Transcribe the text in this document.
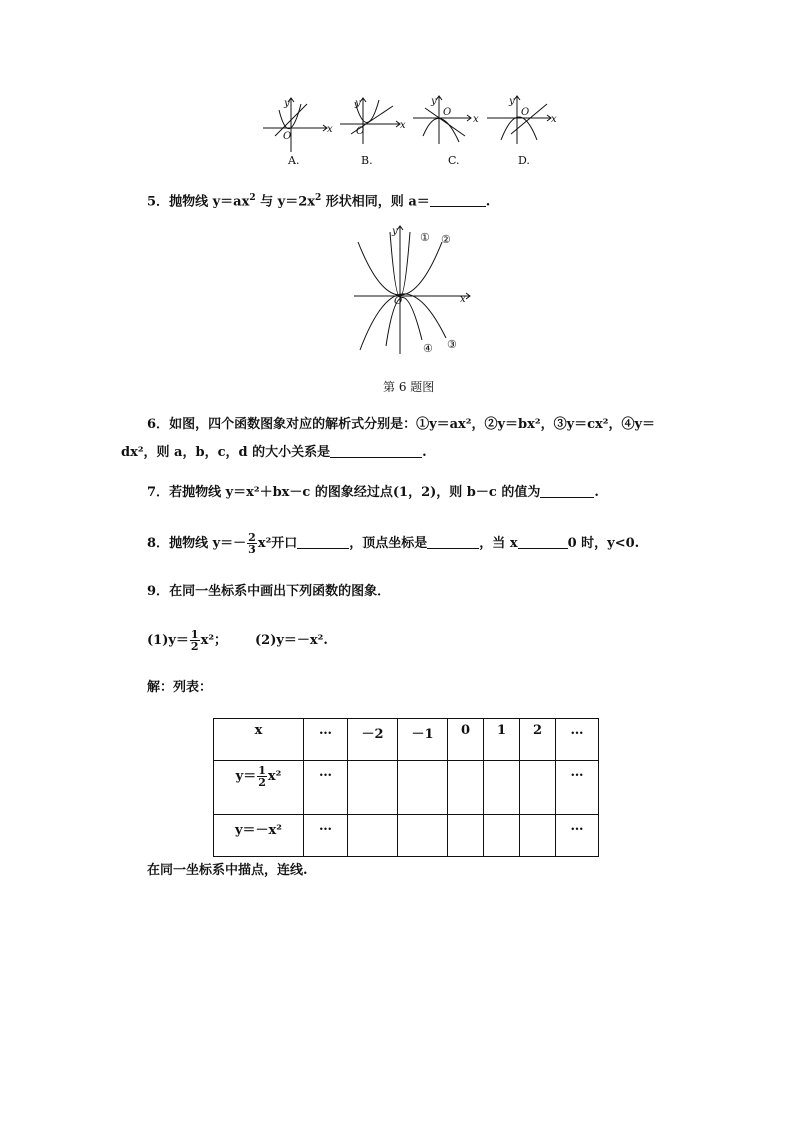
x
y
O
x
y
O
x
y
O
x
y
O
A.	B.	C.	D.
5．抛物线 $y=ax^2$ 与 $y=2x^2$ 形状相同，则 a＝	.
x
y
O
① ②
③
④
第 6 题图
6．如图，四个函数图象对应的解析式分别是：①y＝ax²，②y＝bx²，③y＝cx²，④y＝
dx²，则 a，b，c，d 的大小关系是	.
7．若抛物线 y＝x²＋bx－c 的图象经过点(1，2)，则 b－c 的值为	.
8．抛物线 $y=- \frac{2}{3} x^2$开口	，顶点坐标是	，当 x	0 时，y<0.
9．在同一坐标系中画出下列函数的图象．
$(1)y= \frac{1}{2} x^2$； (2)y＝－x².
解：列表：
x	…	－2	－1	0	1	2	…
$y= \frac{1}{2} x^2$	…						…
y＝－x²	…						…
在同一坐标系中描点，连线.
